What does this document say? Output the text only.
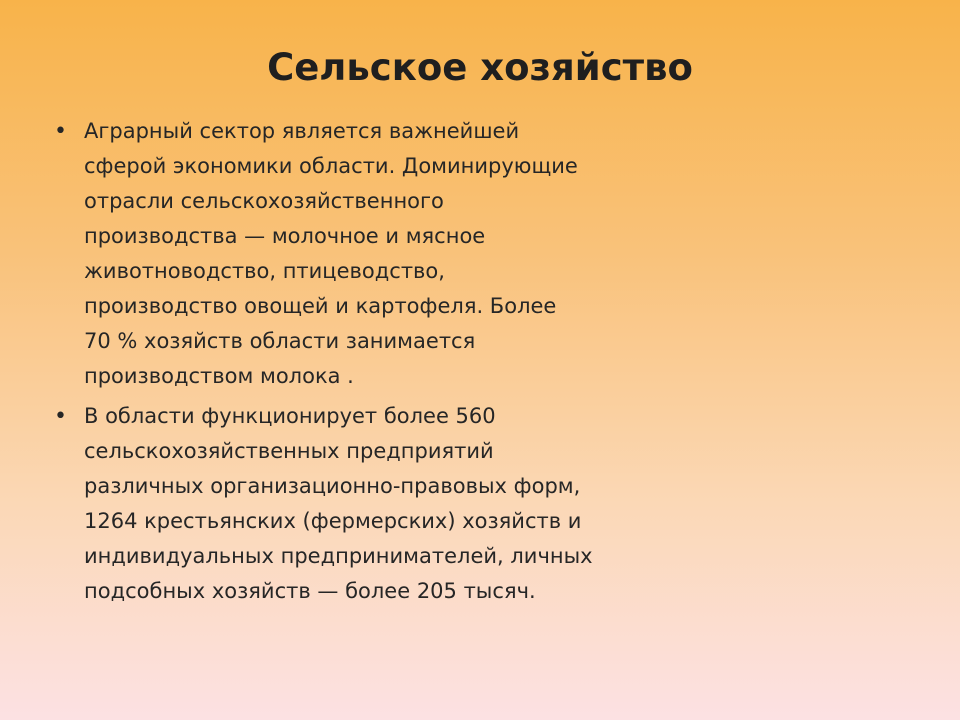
Сельское хозяйство
• Аграрный сектор является важнейшей
сферой экономики области. Доминирующие
отрасли сельскохозяйственного
производства — молочное и мясное
животноводство, птицеводство,
производство овощей и картофеля. Более
70 % хозяйств области занимается
производством молока .
• В области функционирует более 560
сельскохозяйственных предприятий
различных организационно-правовых форм,
1264 крестьянских (фермерских) хозяйств и
индивидуальных предпринимателей, личных
подсобных хозяйств — более 205 тысяч.
